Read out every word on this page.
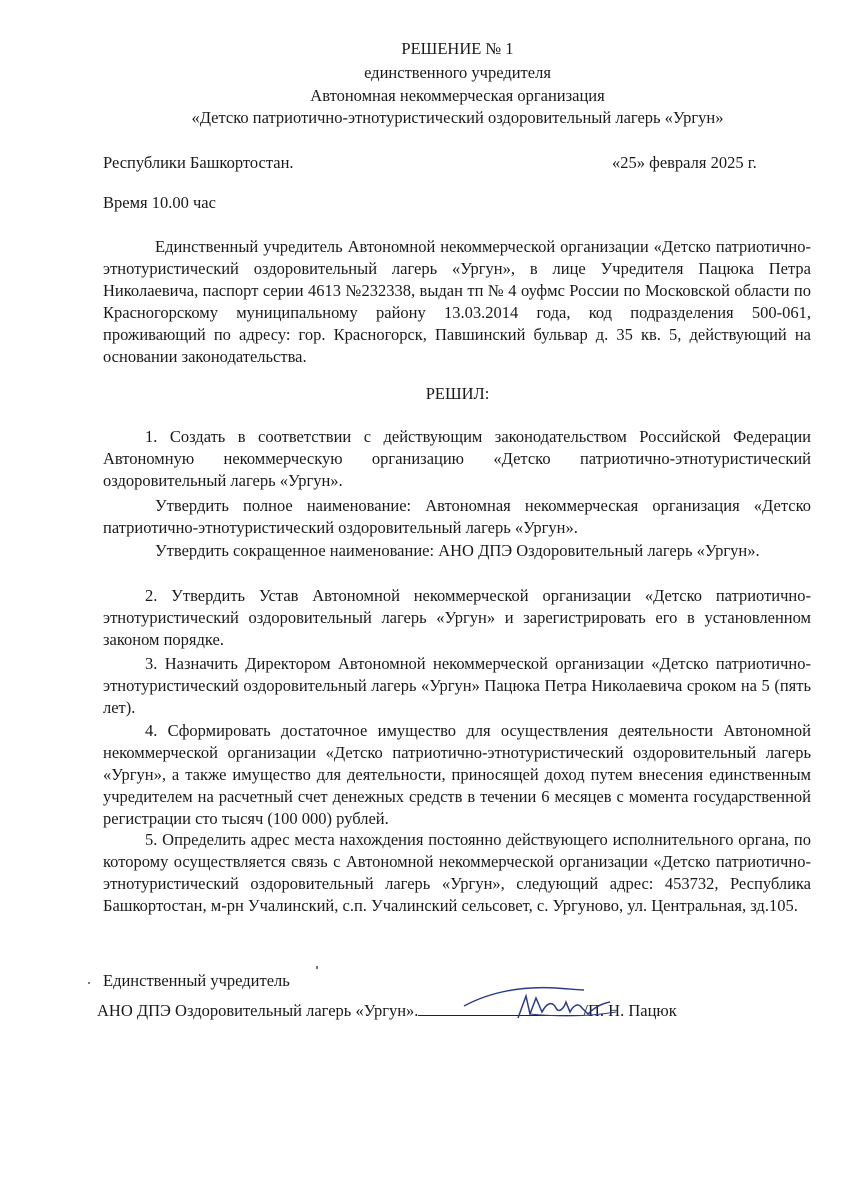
РЕШЕНИЕ № 1
единственного учредителя
Автономная некоммерческая организация
«Детско патриотично-этнотуристический оздоровительный лагерь «Ургун»
Республики Башкортостан.	«25» февраля 2025 г.
Время 10.00 час
Единственный учредитель Автономной некоммерческой организации «Детско патриотично-этнотуристический оздоровительный лагерь «Ургун», в лице Учредителя Пацюка Петра Николаевича, паспорт серии 4613 №232338, выдан тп № 4 оуфмс России по Московской области по Красногорскому муниципальному району 13.03.2014 года, код подразделения 500-061, проживающий по адресу: гор. Красногорск, Павшинский бульвар д. 35 кв. 5, действующий на основании законодательства.
РЕШИЛ:
1. Создать в соответствии с действующим законодательством Российской Федерации Автономную некоммерческую организацию «Детско патриотично-этнотуристический оздоровительный лагерь «Ургун».
Утвердить полное наименование: Автономная некоммерческая организация «Детско патриотично-этнотуристический оздоровительный лагерь «Ургун».
Утвердить сокращенное наименование: АНО ДПЭ Оздоровительный лагерь «Ургун».
2. Утвердить Устав Автономной некоммерческой организации «Детско патриотично-этнотуристический оздоровительный лагерь «Ургун» и зарегистрировать его в установленном законом порядке.
3. Назначить Директором Автономной некоммерческой организации «Детско патриотично-этнотуристический оздоровительный лагерь «Ургун» Пацюка Петра Николаевича сроком на 5 (пять лет).
4. Сформировать достаточное имущество для осуществления деятельности Автономной некоммерческой организации «Детско патриотично-этнотуристический оздоровительный лагерь «Ургун», а также имущество для деятельности, приносящей доход путем внесения единственным учредителем на расчетный счет денежных средств в течении 6 месяцев с момента государственной регистрации сто тысяч (100 000) рублей.
5. Определить адрес места нахождения постоянно действующего исполнительного органа, по которому осуществляется связь с Автономной некоммерческой организации «Детско патриотично-этнотуристический оздоровительный лагерь «Ургун», следующий адрес: 453732, Республика Башкортостан, м-рн Учалинский, с.п. Учалинский сельсовет, с. Ургуново, ул. Центральная, зд.105.
Единственный учредитель
АНО ДПЭ Оздоровительный лагерь «Ургун».	/П. Н. Пацюк
